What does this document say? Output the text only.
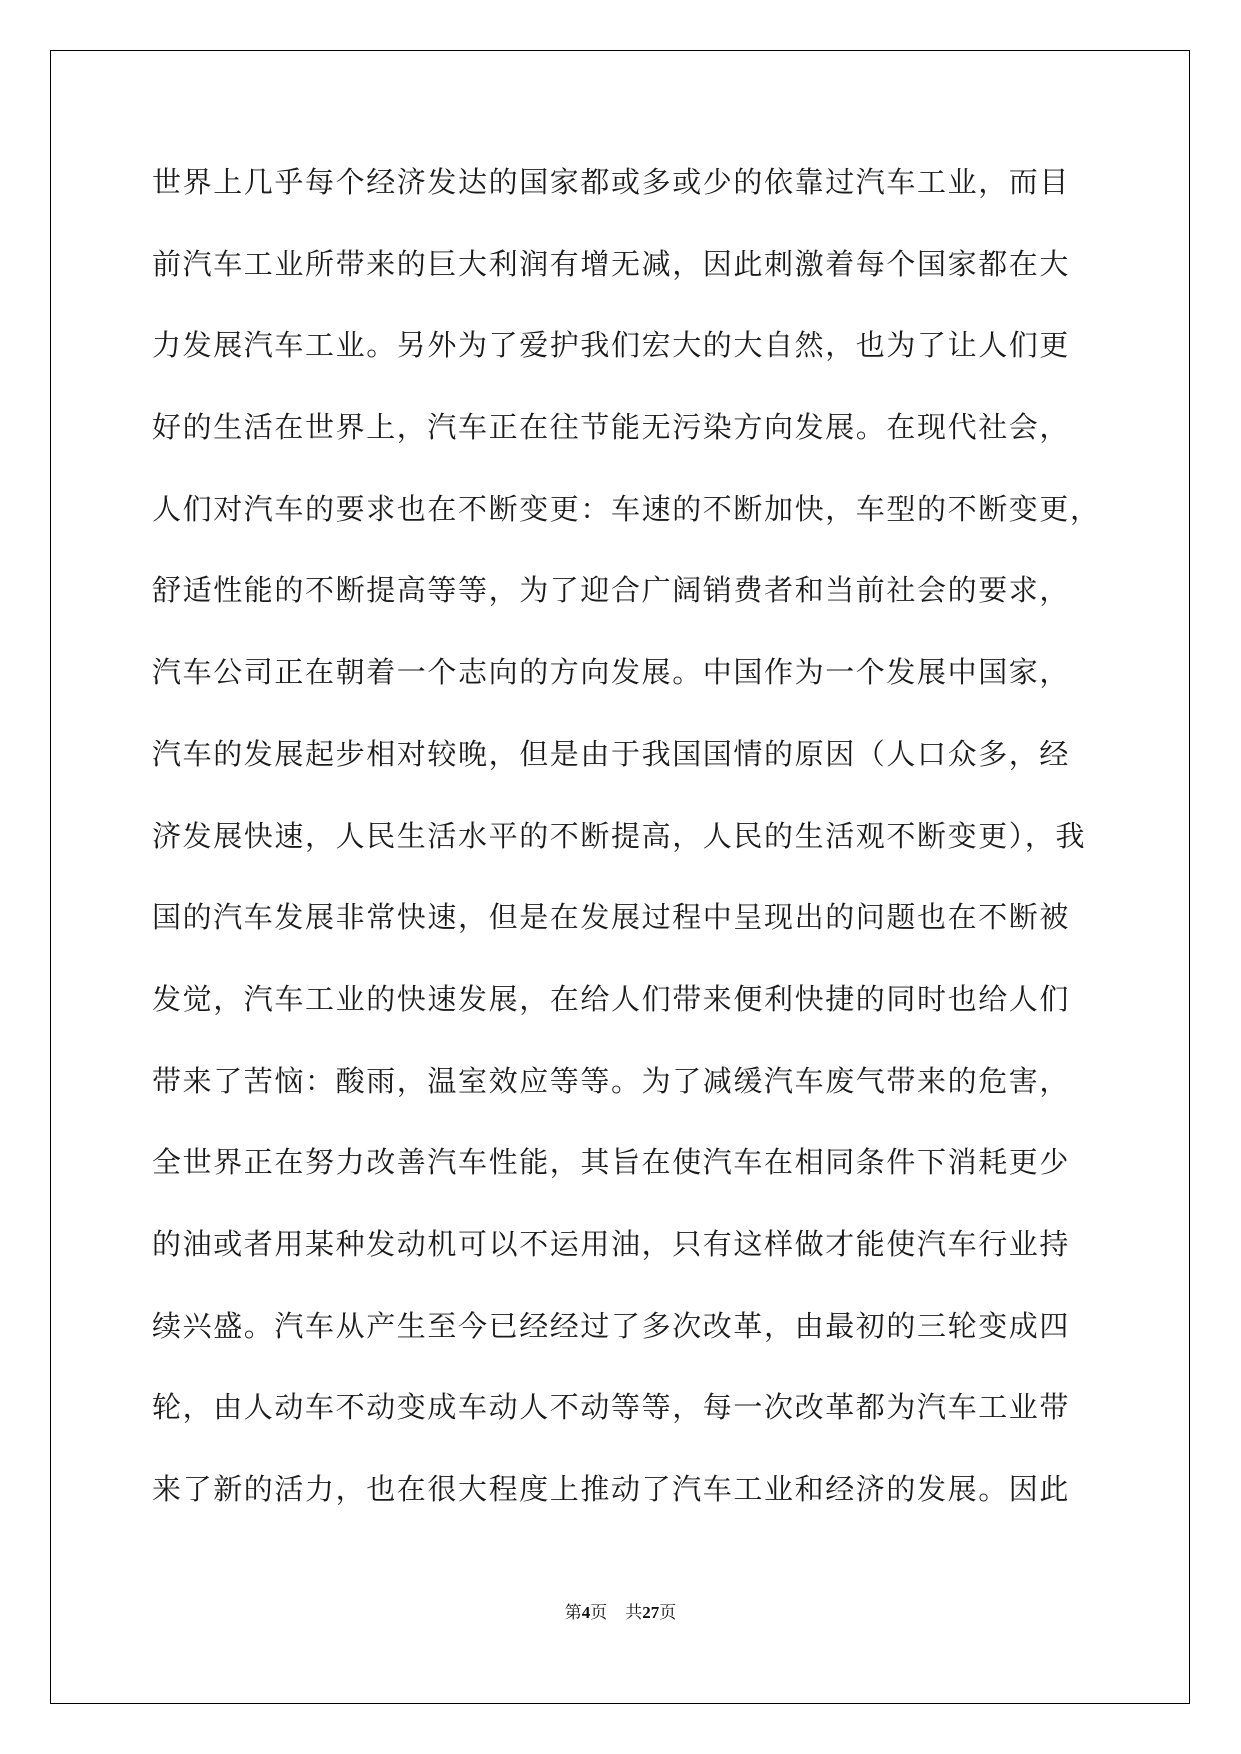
世界上几乎每个经济发达的国家都或多或少的依靠过汽车工业，而目
前汽车工业所带来的巨大利润有增无减，因此刺激着每个国家都在大
力发展汽车工业。另外为了爱护我们宏大的大自然，也为了让人们更
好的生活在世界上，汽车正在往节能无污染方向发展。在现代社会，
人们对汽车的要求也在不断变更：车速的不断加快，车型的不断变更，
舒适性能的不断提高等等，为了迎合广阔销费者和当前社会的要求，
汽车公司正在朝着一个志向的方向发展。中国作为一个发展中国家，
汽车的发展起步相对较晚，但是由于我国国情的原因（人口众多，经
济发展快速，人民生活水平的不断提高，人民的生活观不断变更），我
国的汽车发展非常快速，但是在发展过程中呈现出的问题也在不断被
发觉，汽车工业的快速发展，在给人们带来便利快捷的同时也给人们
带来了苦恼：酸雨，温室效应等等。为了减缓汽车废气带来的危害，
全世界正在努力改善汽车性能，其旨在使汽车在相同条件下消耗更少
的油或者用某种发动机可以不运用油，只有这样做才能使汽车行业持
续兴盛。汽车从产生至今已经经过了多次改革，由最初的三轮变成四
轮，由人动车不动变成车动人不动等等，每一次改革都为汽车工业带
来了新的活力，也在很大程度上推动了汽车工业和经济的发展。因此
第4页 共27页
